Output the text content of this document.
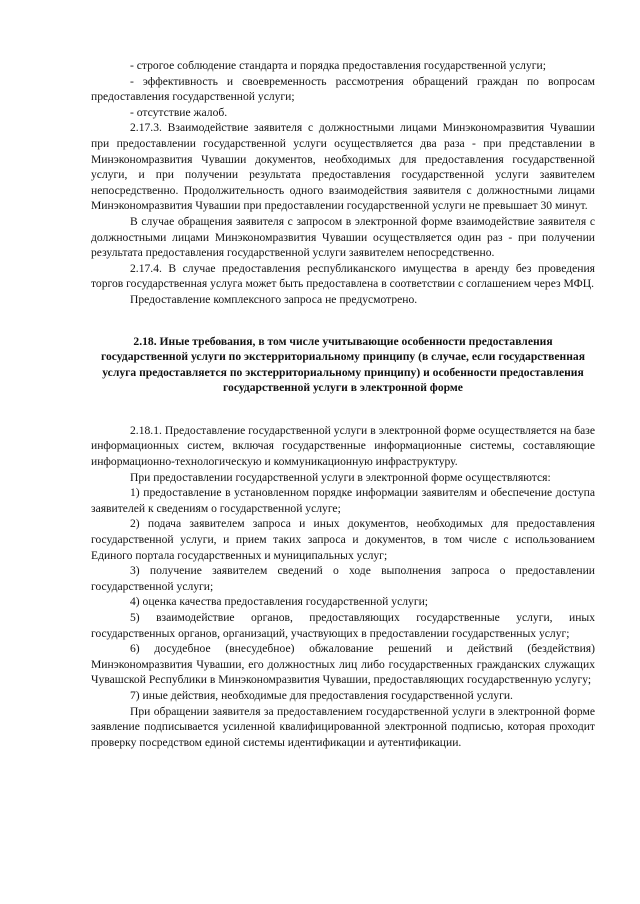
- строгое соблюдение стандарта и порядка предоставления государственной услуги;

- эффективность и своевременность рассмотрения обращений граждан по вопросам предоставления государственной услуги;

- отсутствие жалоб.

2.17.3. Взаимодействие заявителя с должностными лицами Минэкономразвития Чувашии при предоставлении государственной услуги осуществляется два раза - при представлении в Минэкономразвития Чувашии документов, необходимых для предоставления государственной услуги, и при получении результата предоставления государственной услуги заявителем непосредственно. Продолжительность одного взаимодействия заявителя с должностными лицами Минэкономразвития Чувашии при предоставлении государственной услуги не превышает 30 минут.

В случае обращения заявителя с запросом в электронной форме взаимодействие заявителя с должностными лицами Минэкономразвития Чувашии осуществляется один раз - при получении результата предоставления государственной услуги заявителем непосредственно.

2.17.4. В случае предоставления республиканского имущества в аренду без проведения торгов государственная услуга может быть предоставлена в соответствии с соглашением через МФЦ.

Предоставление комплексного запроса не предусмотрено.

2.18. Иные требования, в том числе учитывающие особенности предоставления государственной услуги по экстерриториальному принципу (в случае, если государственная услуга предоставляется по экстерриториальному принципу) и особенности предоставления государственной услуги в электронной форме

2.18.1. Предоставление государственной услуги в электронной форме осуществляется на базе информационных систем, включая государственные информационные системы, составляющие информационно-технологическую и коммуникационную инфраструктуру.

При предоставлении государственной услуги в электронной форме осуществляются:

1) предоставление в установленном порядке информации заявителям и обеспечение доступа заявителей к сведениям о государственной услуге;

2) подача заявителем запроса и иных документов, необходимых для предоставления государственной услуги, и прием таких запроса и документов, в том числе с использованием Единого портала государственных и муниципальных услуг;

3) получение заявителем сведений о ходе выполнения запроса о предоставлении государственной услуги;

4) оценка качества предоставления государственной услуги;

5) взаимодействие органов, предоставляющих государственные услуги, иных государственных органов, организаций, участвующих в предоставлении государственных услуг;

6) досудебное (внесудебное) обжалование решений и действий (бездействия) Минэкономразвития Чувашии, его должностных лиц либо государственных гражданских служащих Чувашской Республики в Минэкономразвития Чувашии, предоставляющих государственную услугу;

7) иные действия, необходимые для предоставления государственной услуги.

При обращении заявителя за предоставлением государственной услуги в электронной форме заявление подписывается усиленной квалифицированной электронной подписью, которая проходит проверку посредством единой системы идентификации и аутентификации.
